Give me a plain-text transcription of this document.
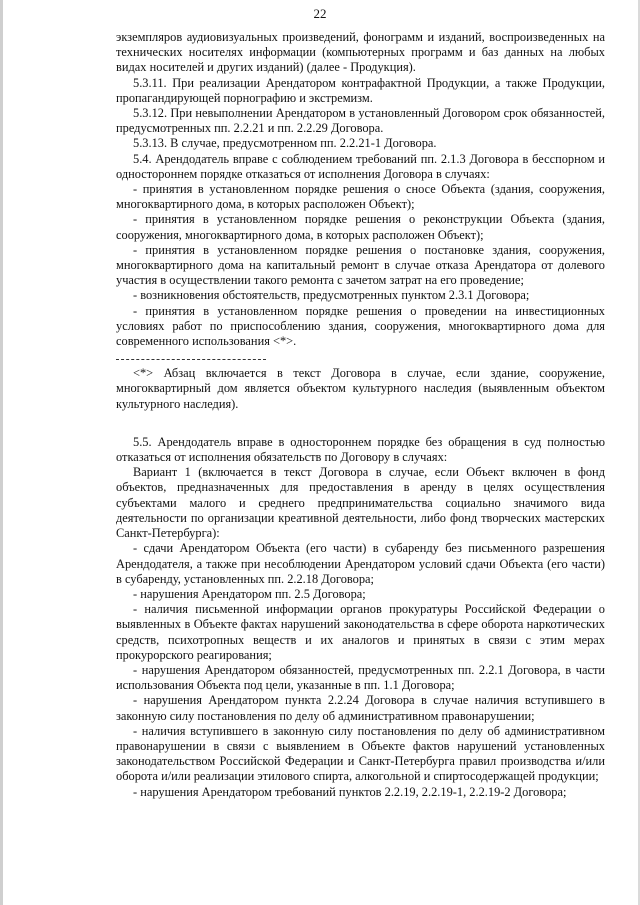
22

экземпляров аудиовизуальных произведений, фонограмм и изданий, воспроизведенных на технических носителях информации (компьютерных программ и баз данных на любых видах носителей и других изданий) (далее - Продукция).

5.3.11. При реализации Арендатором контрафактной Продукции, а также Продукции, пропагандирующей порнографию и экстремизм.

5.3.12. При невыполнении Арендатором в установленный Договором срок обязанностей, предусмотренных пп. 2.2.21 и пп. 2.2.29 Договора.

5.3.13. В случае, предусмотренном пп. 2.2.21-1 Договора.

5.4. Арендодатель вправе с соблюдением требований пп. 2.1.3 Договора в бесспорном и одностороннем порядке отказаться от исполнения Договора в случаях:

- принятия в установленном порядке решения о сносе Объекта (здания, сооружения, многоквартирного дома, в которых расположен Объект);

- принятия в установленном порядке решения о реконструкции Объекта (здания, сооружения, многоквартирного дома, в которых расположен Объект);

- принятия в установленном порядке решения о постановке здания, сооружения, многоквартирного дома на капитальный ремонт в случае отказа Арендатора от долевого участия в осуществлении такого ремонта с зачетом затрат на его проведение;

- возникновения обстоятельств, предусмотренных пунктом 2.3.1 Договора;

- принятия в установленном порядке решения о проведении на инвестиционных условиях работ по приспособлению здания, сооружения, многоквартирного дома для современного использования <*>.

<*> Абзац включается в текст Договора в случае, если здание, сооружение, многоквартирный дом является объектом культурного наследия (выявленным объектом культурного наследия).

5.5. Арендодатель вправе в одностороннем порядке без обращения в суд полностью отказаться от исполнения обязательств по Договору в случаях:

Вариант 1 (включается в текст Договора в случае, если Объект включен в фонд объектов, предназначенных для предоставления в аренду в целях осуществления субъектами малого и среднего предпринимательства социально значимого вида деятельности по организации креативной деятельности, либо фонд творческих мастерских Санкт-Петербурга):

- сдачи Арендатором Объекта (его части) в субаренду без письменного разрешения Арендодателя, а также при несоблюдении Арендатором условий сдачи Объекта (его части) в субаренду, установленных пп. 2.2.18 Договора;

- нарушения Арендатором пп. 2.5 Договора;

- наличия письменной информации органов прокуратуры Российской Федерации о выявленных в Объекте фактах нарушений законодательства в сфере оборота наркотических средств, психотропных веществ и их аналогов и принятых в связи с этим мерах прокурорского реагирования;

- нарушения Арендатором обязанностей, предусмотренных пп. 2.2.1 Договора, в части использования Объекта под цели, указанные в пп. 1.1 Договора;

- нарушения Арендатором пункта 2.2.24 Договора в случае наличия вступившего в законную силу постановления по делу об административном правонарушении;

- наличия вступившего в законную силу постановления по делу об административном правонарушении в связи с выявлением в Объекте фактов нарушений установленных законодательством Российской Федерации и Санкт-Петербурга правил производства и/или оборота и/или реализации этилового спирта, алкогольной и спиртосодержащей продукции;

- нарушения Арендатором требований пунктов 2.2.19, 2.2.19-1, 2.2.19-2 Договора;
